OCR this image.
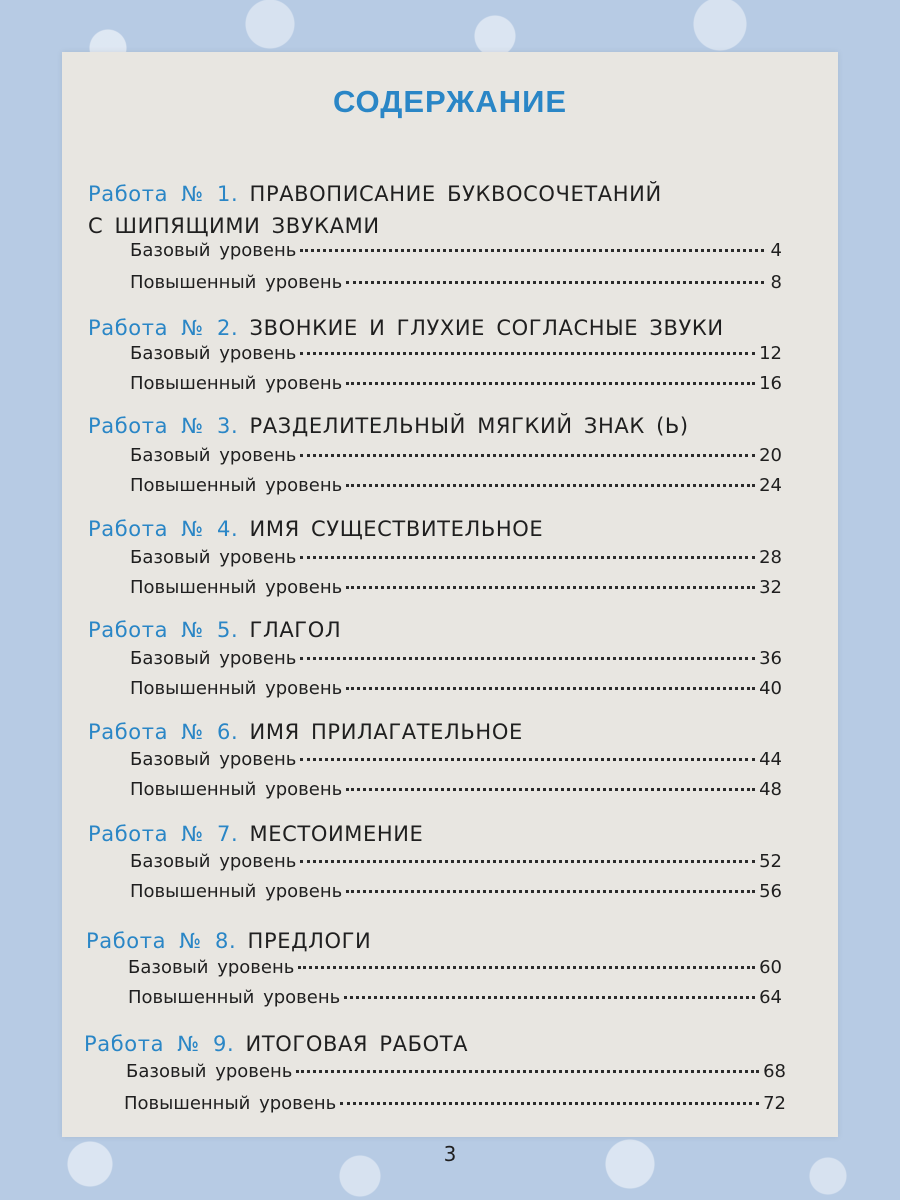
СОДЕРЖАНИЕ
Работа № 1. ПРАВОПИСАНИЕ БУКВОСОЧЕТАНИЙ
С ШИПЯЩИМИ ЗВУКАМИ
Базовый уровень	4
Повышенный уровень	8
Работа № 2. ЗВОНКИЕ И ГЛУХИЕ СОГЛАСНЫЕ ЗВУКИ
Базовый уровень	12
Повышенный уровень	16
Работа № 3. РАЗДЕЛИТЕЛЬНЫЙ МЯГКИЙ ЗНАК (Ь)
Базовый уровень	20
Повышенный уровень	24
Работа № 4. ИМЯ СУЩЕСТВИТЕЛЬНОЕ
Базовый уровень	28
Повышенный уровень	32
Работа № 5. ГЛАГОЛ
Базовый уровень	36
Повышенный уровень	40
Работа № 6. ИМЯ ПРИЛАГАТЕЛЬНОЕ
Базовый уровень	44
Повышенный уровень	48
Работа № 7. МЕСТОИМЕНИЕ
Базовый уровень	52
Повышенный уровень	56
Работа № 8. ПРЕДЛОГИ
Базовый уровень	60
Повышенный уровень	64
Работа № 9. ИТОГОВАЯ РАБОТА
Базовый уровень	68
Повышенный уровень	72
3
